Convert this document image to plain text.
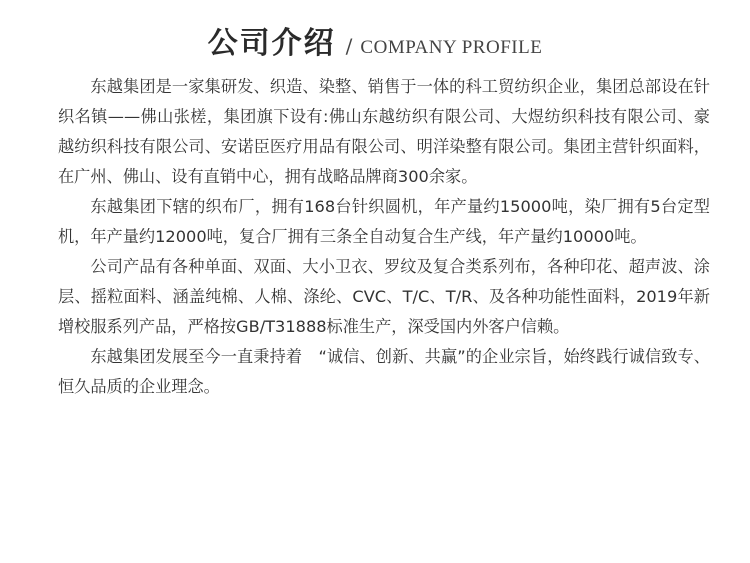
公司介绍 / COMPANY PROFILE

东越集团是一家集研发、织造、染整、销售于一体的科工贸纺织企业，集团总部设在针织名镇——佛山张槎，集团旗下设有:佛山东越纺织有限公司、大煜纺织科技有限公司、豪越纺织科技有限公司、安诺臣医疗用品有限公司、明洋染整有限公司。集团主营针织面料，在广州、佛山、设有直销中心，拥有战略品牌商300余家。

东越集团下辖的织布厂，拥有168台针织圆机，年产量约15000吨，染厂拥有5台定型机，年产量约12000吨，复合厂拥有三条全自动复合生产线，年产量约10000吨。

公司产品有各种单面、双面、大小卫衣、罗纹及复合类系列布，各种印花、超声波、涂层、摇粒面料、涵盖纯棉、人棉、涤纶、CVC、T/C、T/R、及各种功能性面料，2019年新增校服系列产品，严格按GB/T31888标准生产，深受国内外客户信赖。

东越集团发展至今一直秉持着　“诚信、创新、共赢”的企业宗旨，始终践行诚信致专、恒久品质的企业理念。
